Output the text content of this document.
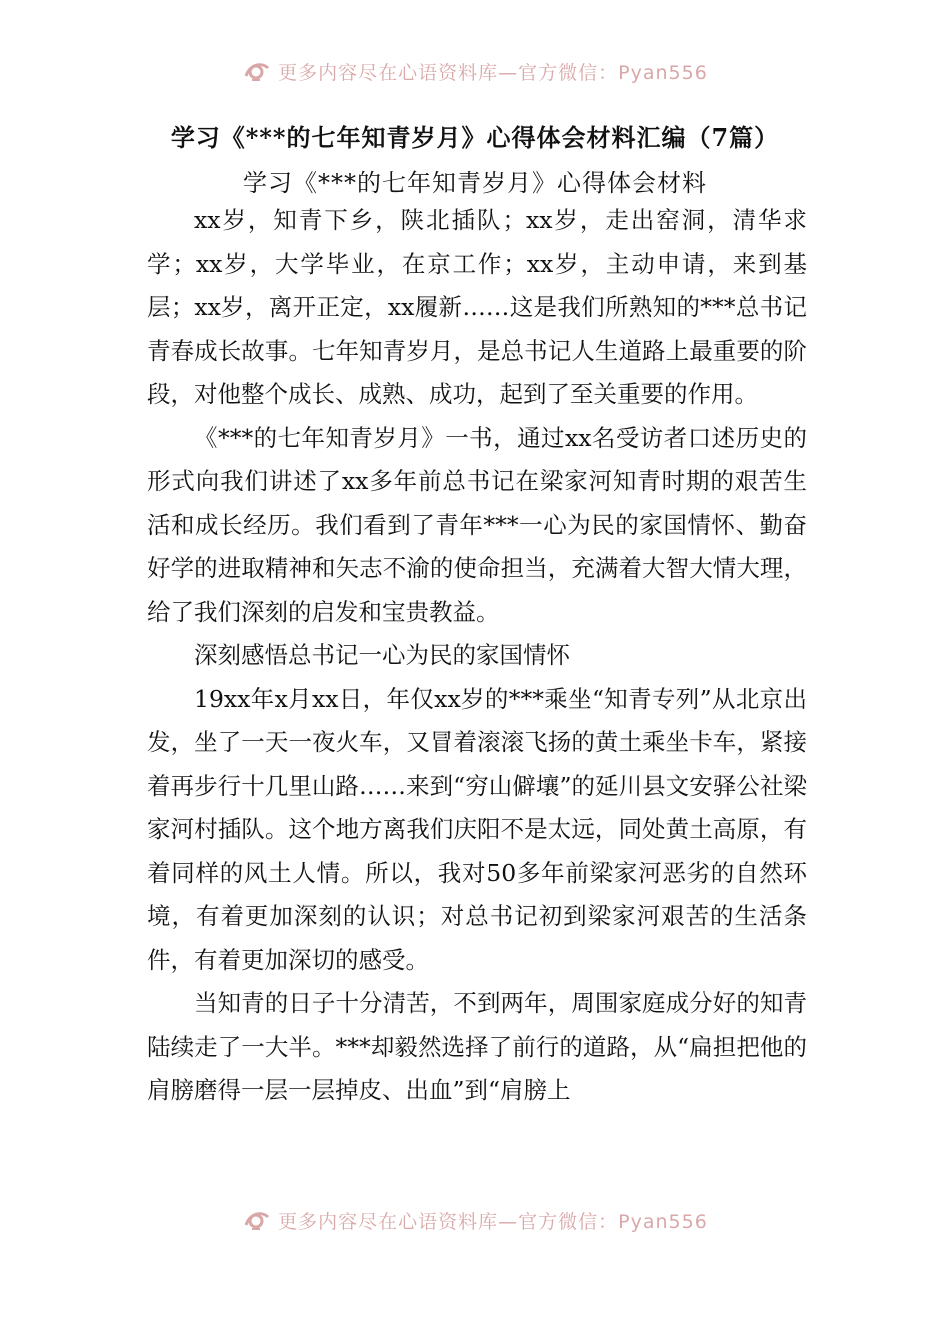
更多内容尽在心语资料库—官方微信：Pyan556
学习《***的七年知青岁月》心得体会材料汇编（7篇）
学习《***的七年知青岁月》心得体会材料

xx岁，知青下乡，陕北插队；xx岁，走出窑洞，清华求学；xx岁，大学毕业，在京工作；xx岁，主动申请，来到基层；xx岁，离开正定，xx履新……这是我们所熟知的***总书记青春成长故事。七年知青岁月，是总书记人生道路上最重要的阶段，对他整个成长、成熟、成功，起到了至关重要的作用。

《***的七年知青岁月》一书，通过xx名受访者口述历史的形式向我们讲述了xx多年前总书记在梁家河知青时期的艰苦生活和成长经历。我们看到了青年***一心为民的家国情怀、勤奋好学的进取精神和矢志不渝的使命担当，充满着大智大情大理，给了我们深刻的启发和宝贵教益。

深刻感悟总书记一心为民的家国情怀

19xx年x月xx日，年仅xx岁的***乘坐“知青专列”从北京出发，坐了一天一夜火车，又冒着滚滚飞扬的黄土乘坐卡车，紧接着再步行十几里山路……来到“穷山僻壤”的延川县文安驿公社梁家河村插队。这个地方离我们庆阳不是太远，同处黄土高原，有着同样的风土人情。所以，我对50多年前梁家河恶劣的自然环境，有着更加深刻的认识；对总书记初到梁家河艰苦的生活条件，有着更加深切的感受。

当知青的日子十分清苦，不到两年，周围家庭成分好的知青陆续走了一大半。***却毅然选择了前行的道路，从“扁担把他的肩膀磨得一层一层掉皮、出血”到“肩膀上

更多内容尽在心语资料库—官方微信：Pyan556
